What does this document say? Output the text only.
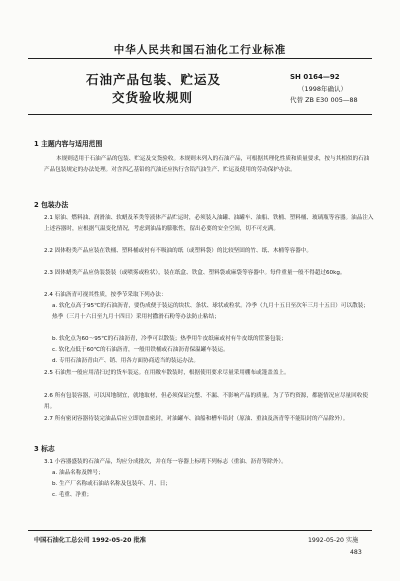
中华人民共和国石油化工行业标准
石油产品包装、贮运及
交货验收规则
SH 0164—92
（1998年确认）
代替 ZB E30 005—88
1 主题内容与适用范围
本规则适用于石油产品的包装、贮运及交货验收。本规则未列入的石油产品，可根据其理化性质和质量要求，按与其相似的石油产品包装规定的办法处理。对含四乙基铅的汽油还应执行含铅汽油生产、贮运及使用的劳动保护办法。
2 包装办法
2.1 原油、燃料油、润滑油、软蜡及苯类等液体产品贮运时，必须装入油罐、油罐车、油船、铁桶、塑料桶、玻璃瓶等容器。油品注入上述容器时，应根据气温变化情况，考虑到油品的膨胀性，留出必要的安全空间，切不可充满。
2.2 固体粉类产品应装在铁桶、塑料桶或衬有不吸油的纸（或塑料袋）的比较坚固的竹、纸、木桶等容器中。
2.3 固体蜡类产品应伪装袋装（或喷雾或粒状），装在纸盒、铁盒、塑料袋或麻袋等容器中。每件重量一般不得超过60kg。
2.4 石油沥青可视其性质，按季节采取下列办法：
a. 软化点高于95℃的石油沥青，要伪成便于装运的块状、条状、球状或粒状。冷季（九月十五日至次年三月十五日）可以散装；热季（三月十六日至九月十四日）采用衬撒滑石粉等办法防止粘结；
b. 软化点为60～95℃的石油沥青，冷季可以散装；热季用牛皮纸麻或衬有牛皮纸的筐篓包装；
c. 软化点低于60℃的石油沥青，一般用铁桶或石油沥青保温罐车装运。
d. 专用石油沥青由产、销、用各方面协商适当的装运办法。
2.5 石油焦一般应用清扫过的货车装运。在用敞车散装时，根据使用要求尽量采用棚布或篷盖盖上。
2.6 所有包装容器，可以因地制宜，就地取材，但必须保证完整、不漏、不影响产品的质量。为了节约资源，都能情况应尽量回收使用。
2.7 所有密闭容器待装完油品后应立即加盖密封，对油罐车、油船和槽车铅封（原油、重油及沥青等不能铅封的产品除外）。
3 标志
3.1 小容器盛装的石油产品，均应分成批次，并在每一容器上标明下列标志（重油、沥青等除外）。
a. 油品名称及牌号；
b. 生产厂名称或石油站名称及包装年、月、日；
c. 毛重、净重；
中国石油化工总公司 1992-05-20 批准	1992-05-20 实施
483
